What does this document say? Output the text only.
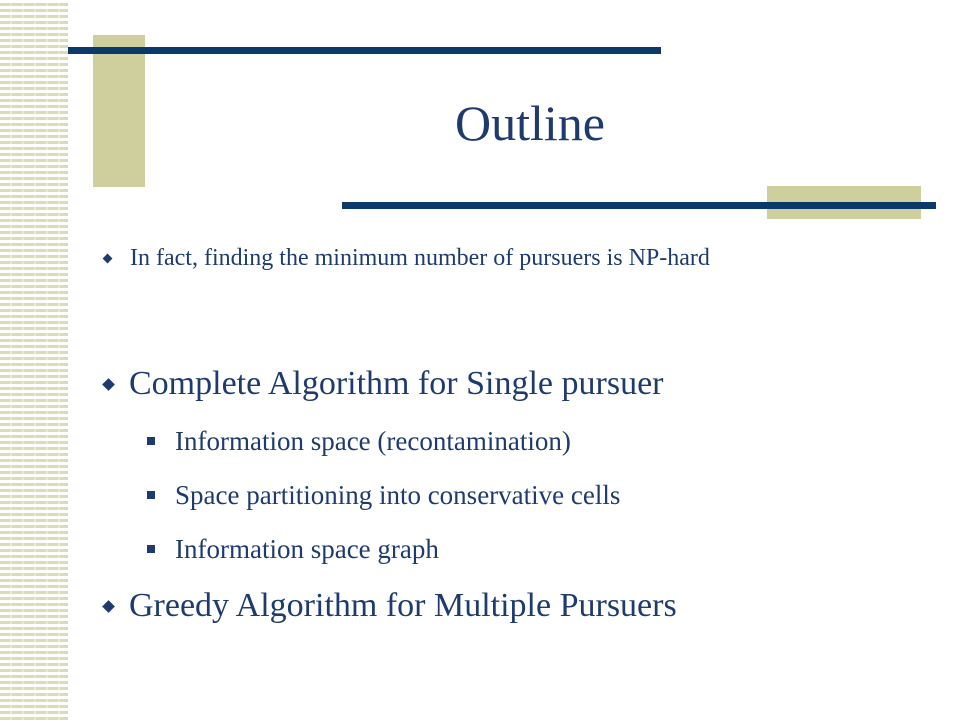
Outline
In fact, finding the minimum number of pursuers is NP-hard
Complete Algorithm for Single pursuer
Information space (recontamination)
Space partitioning into conservative cells
Information space graph
Greedy Algorithm for Multiple Pursuers
